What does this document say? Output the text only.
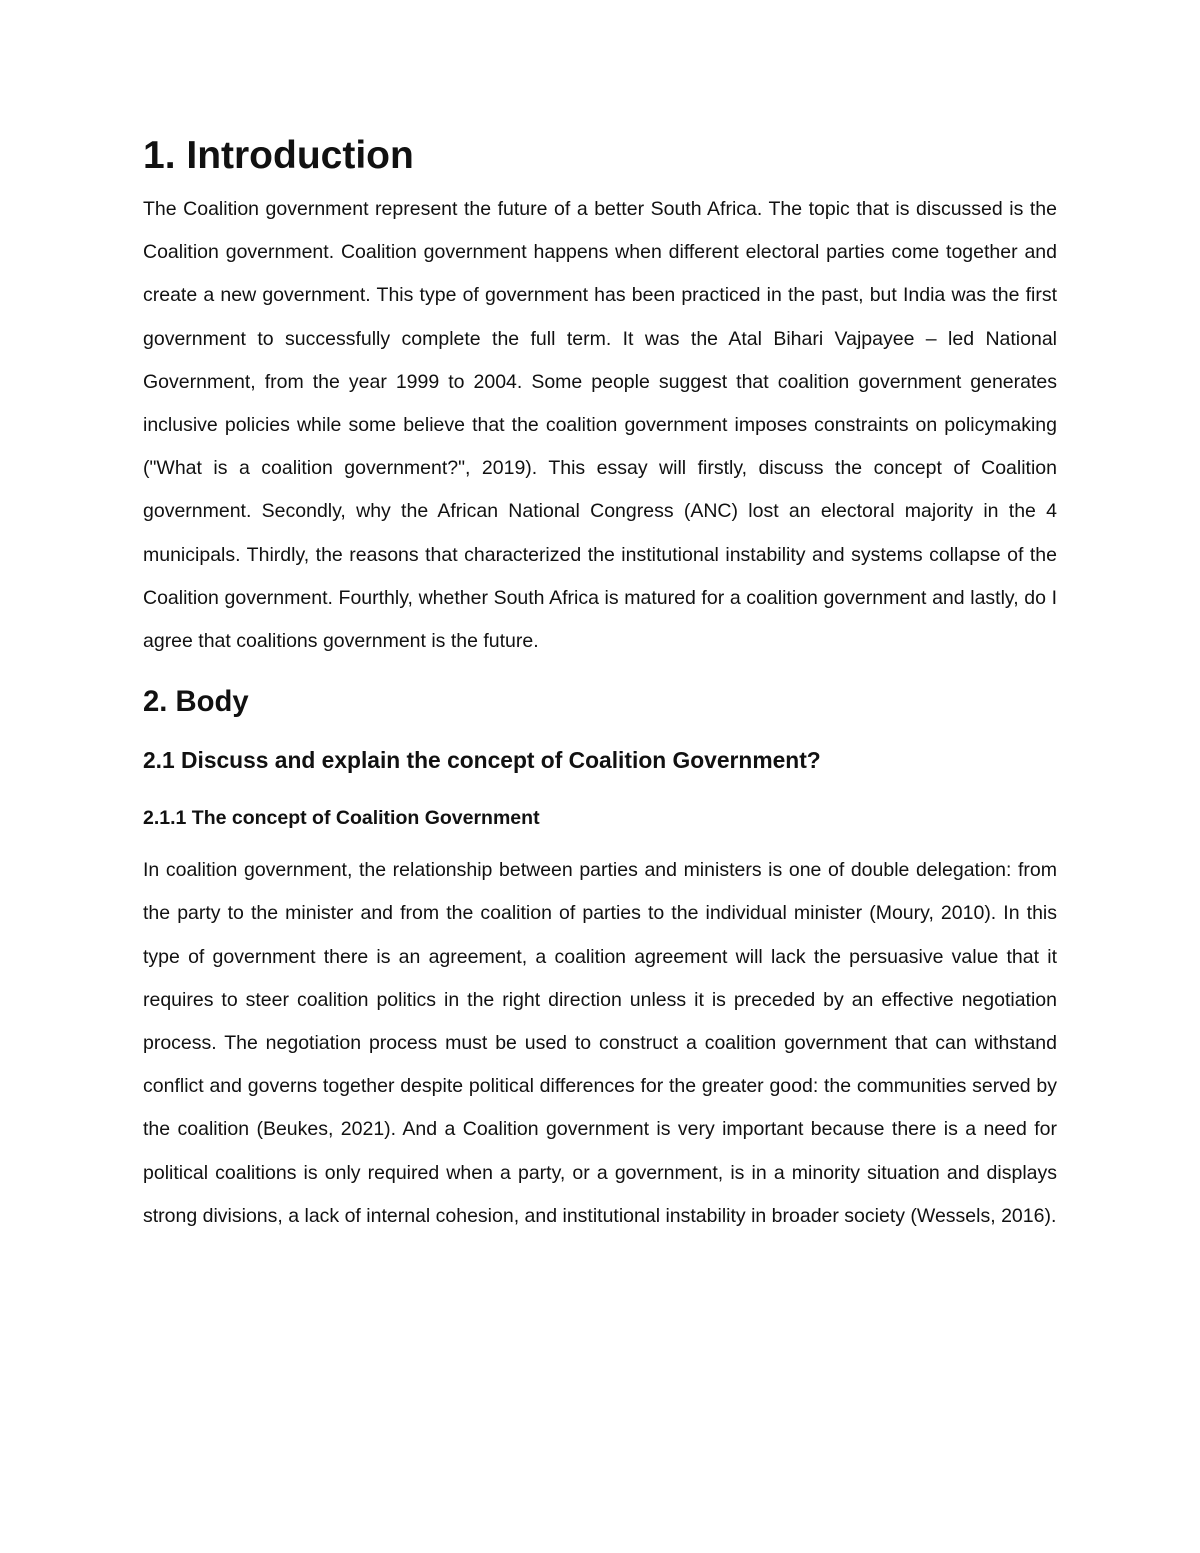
1. Introduction

The Coalition government represent the future of a better South Africa. The topic that is discussed is the Coalition government. Coalition government happens when different electoral parties come together and create a new government. This type of government has been practiced in the past, but India was the first government to successfully complete the full term. It was the Atal Bihari Vajpayee – led National Government, from the year 1999 to 2004. Some people suggest that coalition government generates inclusive policies while some believe that the coalition government imposes constraints on policymaking ("What is a coalition government?", 2019). This essay will firstly, discuss the concept of Coalition government. Secondly, why the African National Congress (ANC) lost an electoral majority in the 4 municipals. Thirdly, the reasons that characterized the institutional instability and systems collapse of the Coalition government. Fourthly, whether South Africa is matured for a coalition government and lastly, do I agree that coalitions government is the future.

2. Body
2.1 Discuss and explain the concept of Coalition Government?
2.1.1 The concept of Coalition Government

In coalition government, the relationship between parties and ministers is one of double delegation: from the party to the minister and from the coalition of parties to the individual minister (Moury, 2010). In this type of government there is an agreement, a coalition agreement will lack the persuasive value that it requires to steer coalition politics in the right direction unless it is preceded by an effective negotiation process. The negotiation process must be used to construct a coalition government that can withstand conflict and governs together despite political differences for the greater good: the communities served by the coalition (Beukes, 2021). And a Coalition government is very important because there is a need for political coalitions is only required when a party, or a government, is in a minority situation and displays strong divisions, a lack of internal cohesion, and institutional instability in broader society (Wessels, 2016).
